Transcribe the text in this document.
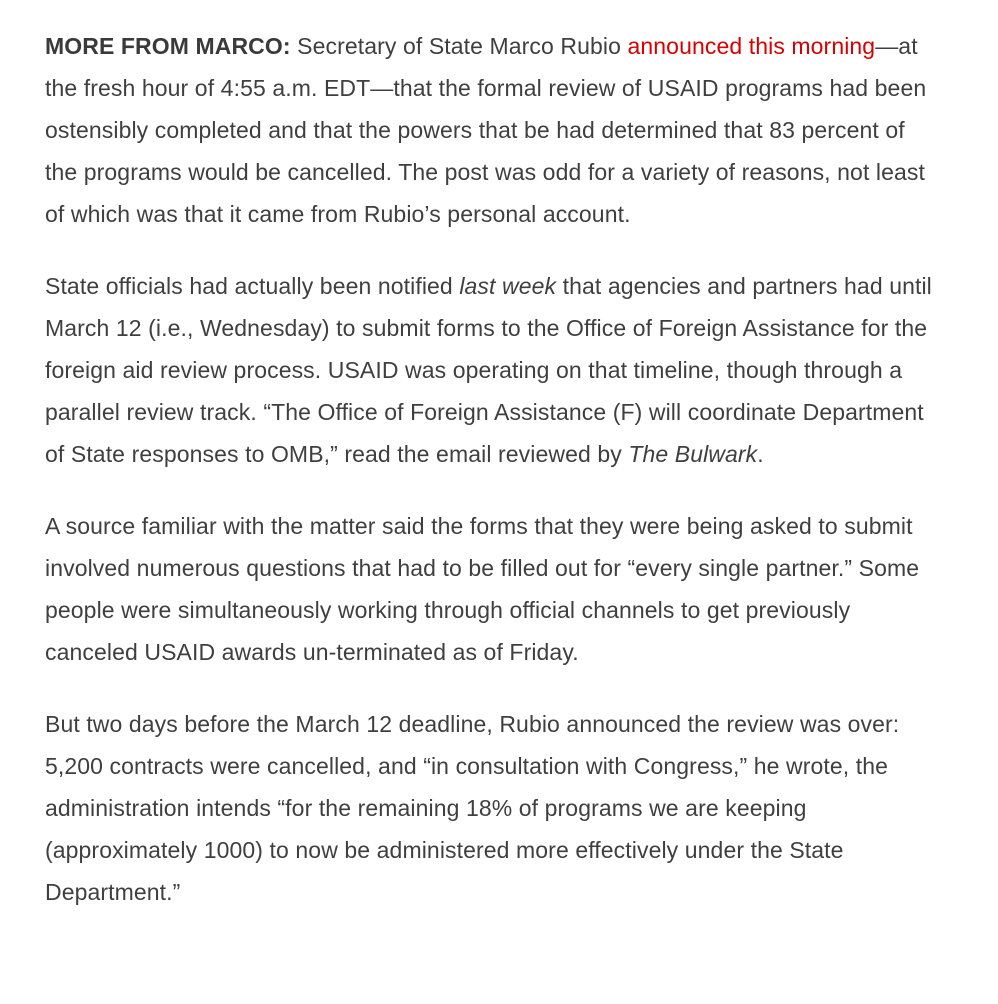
MORE FROM MARCO: Secretary of State Marco Rubio announced this morning—at the fresh hour of 4:55 a.m. EDT—that the formal review of USAID programs had been ostensibly completed and that the powers that be had determined that 83 percent of the programs would be cancelled. The post was odd for a variety of reasons, not least of which was that it came from Rubio’s personal account.

State officials had actually been notified last week that agencies and partners had until March 12 (i.e., Wednesday) to submit forms to the Office of Foreign Assistance for the foreign aid review process. USAID was operating on that timeline, though through a parallel review track. “The Office of Foreign Assistance (F) will coordinate Department of State responses to OMB,” read the email reviewed by The Bulwark.

A source familiar with the matter said the forms that they were being asked to submit involved numerous questions that had to be filled out for “every single partner.” Some people were simultaneously working through official channels to get previously canceled USAID awards un-terminated as of Friday.

But two days before the March 12 deadline, Rubio announced the review was over: 5,200 contracts were cancelled, and “in consultation with Congress,” he wrote, the administration intends “for the remaining 18% of programs we are keeping (approximately 1000) to now be administered more effectively under the State Department.”
